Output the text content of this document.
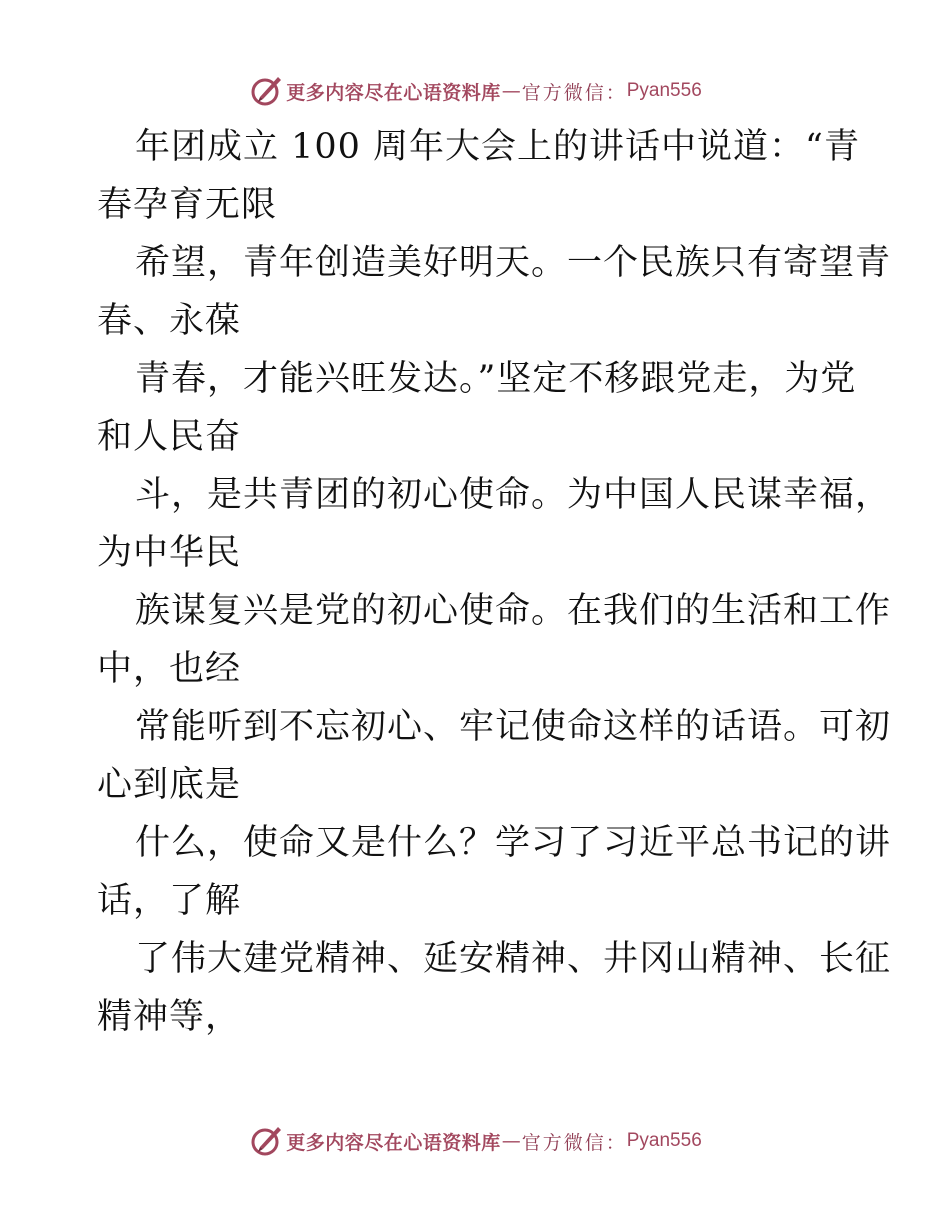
更多内容尽在心语资料库 — 官方微信： Pyan556
年团成立 100 周年大会上的讲话中说道：“青
春孕育无限
希望，青年创造美好明天。一个民族只有寄望青
春、永葆
青春，才能兴旺发达。”坚定不移跟党走，为党
和人民奋
斗，是共青团的初心使命。为中国人民谋幸福，
为中华民
族谋复兴是党的初心使命。在我们的生活和工作
中，也经
常能听到不忘初心、牢记使命这样的话语。可初
心到底是
什么，使命又是什么？学习了习近平总书记的讲
话，了解
了伟大建党精神、延安精神、井冈山精神、长征
精神等，
更多内容尽在心语资料库 — 官方微信： Pyan556
